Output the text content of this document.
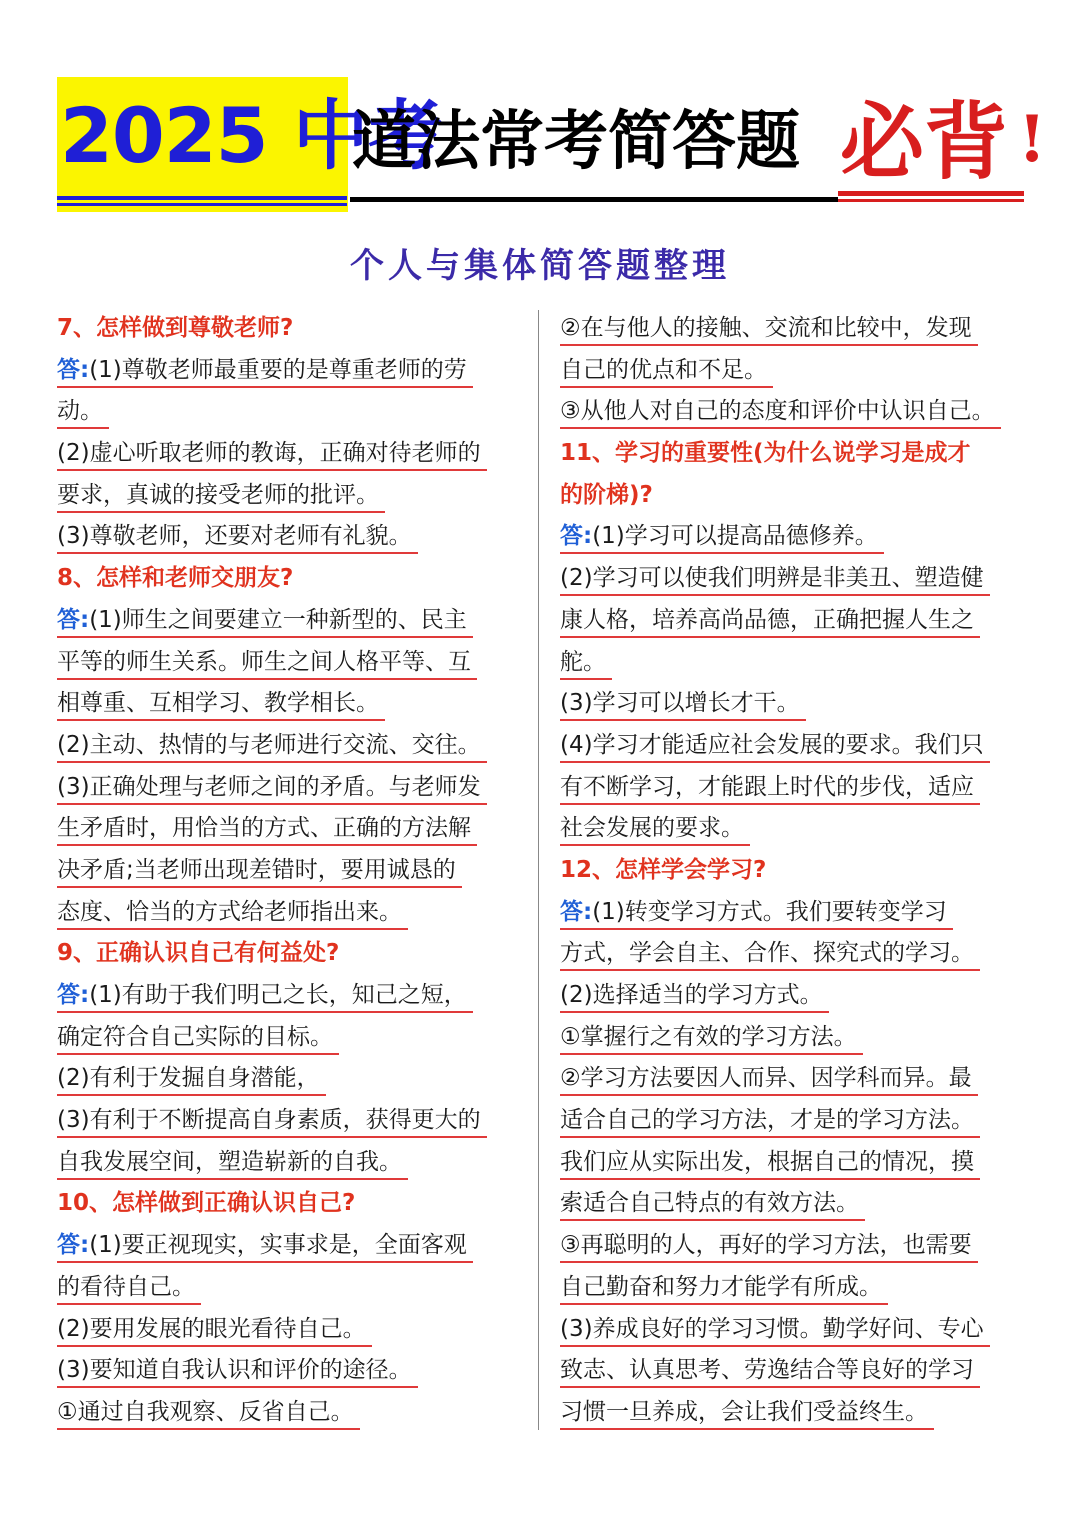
2025 中考
道法常考简答题 必背 !
个人与集体简答题整理
7、怎样做到尊敬老师?
答:(1)尊敬老师最重要的是尊重老师的劳
动。
(2)虚心听取老师的教诲，正确对待老师的
要求，真诚的接受老师的批评。
(3)尊敬老师，还要对老师有礼貌。
8、怎样和老师交朋友?
答:(1)师生之间要建立一种新型的、民主
平等的师生关系。师生之间人格平等、互
相尊重、互相学习、教学相长。
(2)主动、热情的与老师进行交流、交往。
(3)正确处理与老师之间的矛盾。与老师发
生矛盾时，用恰当的方式、正确的方法解
决矛盾;当老师出现差错时，要用诚恳的
态度、恰当的方式给老师指出来。
9、正确认识自己有何益处?
答:(1)有助于我们明己之长，知己之短，
确定符合自己实际的目标。
(2)有利于发掘自身潜能，
(3)有利于不断提高自身素质，获得更大的
自我发展空间，塑造崭新的自我。
10、怎样做到正确认识自己?
答:(1)要正视现实，实事求是，全面客观
的看待自己。
(2)要用发展的眼光看待自己。
(3)要知道自我认识和评价的途径。
①通过自我观察、反省自己。
②在与他人的接触、交流和比较中，发现
自己的优点和不足。
③从他人对自己的态度和评价中认识自己。
11、学习的重要性(为什么说学习是成才
的阶梯)?
答:(1)学习可以提高品德修养。
(2)学习可以使我们明辨是非美丑、塑造健
康人格，培养高尚品德，正确把握人生之
舵。
(3)学习可以增长才干。
(4)学习才能适应社会发展的要求。我们只
有不断学习，才能跟上时代的步伐，适应
社会发展的要求。
12、怎样学会学习?
答:(1)转变学习方式。我们要转变学习
方式，学会自主、合作、探究式的学习。
(2)选择适当的学习方式。
①掌握行之有效的学习方法。
②学习方法要因人而异、因学科而异。最
适合自己的学习方法，才是的学习方法。
我们应从实际出发，根据自己的情况，摸
索适合自己特点的有效方法。
③再聪明的人，再好的学习方法，也需要
自己勤奋和努力才能学有所成。
(3)养成良好的学习习惯。勤学好问、专心
致志、认真思考、劳逸结合等良好的学习
习惯一旦养成，会让我们受益终生。
